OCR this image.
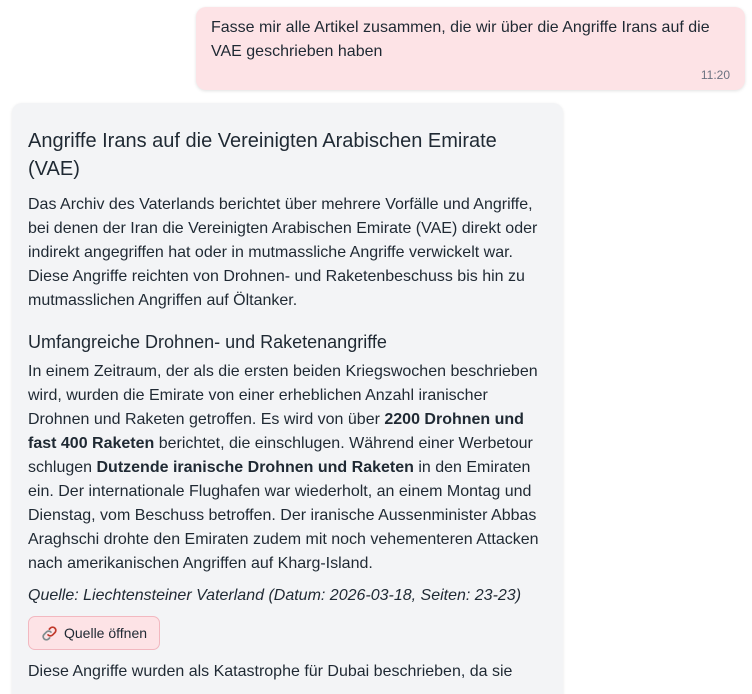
Fasse mir alle Artikel zusammen, die wir über die Angriffe Irans auf die VAE geschrieben haben
11:20
Angriffe Irans auf die Vereinigten Arabischen Emirate (VAE)

Das Archiv des Vaterlands berichtet über mehrere Vorfälle und Angriffe, bei denen der Iran die Vereinigten Arabischen Emirate (VAE) direkt oder indirekt angegriffen hat oder in mutmassliche Angriffe verwickelt war. Diese Angriffe reichten von Drohnen- und Raketenbeschuss bis hin zu mutmasslichen Angriffen auf Öltanker.

Umfangreiche Drohnen- und Raketenangriffe

In einem Zeitraum, der als die ersten beiden Kriegswochen beschrieben wird, wurden die Emirate von einer erheblichen Anzahl iranischer Drohnen und Raketen getroffen. Es wird von über 2200 Drohnen und fast 400 Raketen berichtet, die einschlugen. Während einer Werbetour schlugen Dutzende iranische Drohnen und Raketen in den Emiraten ein. Der internationale Flughafen war wiederholt, an einem Montag und Dienstag, vom Beschuss betroffen. Der iranische Aussenminister Abbas Araghschi drohte den Emiraten zudem mit noch vehementeren Attacken nach amerikanischen Angriffen auf Kharg-Island.

Quelle: Liechtensteiner Vaterland (Datum: 2026-03-18, Seiten: 23-23)

Quelle öffnen

Diese Angriffe wurden als Katastrophe für Dubai beschrieben, da sie
